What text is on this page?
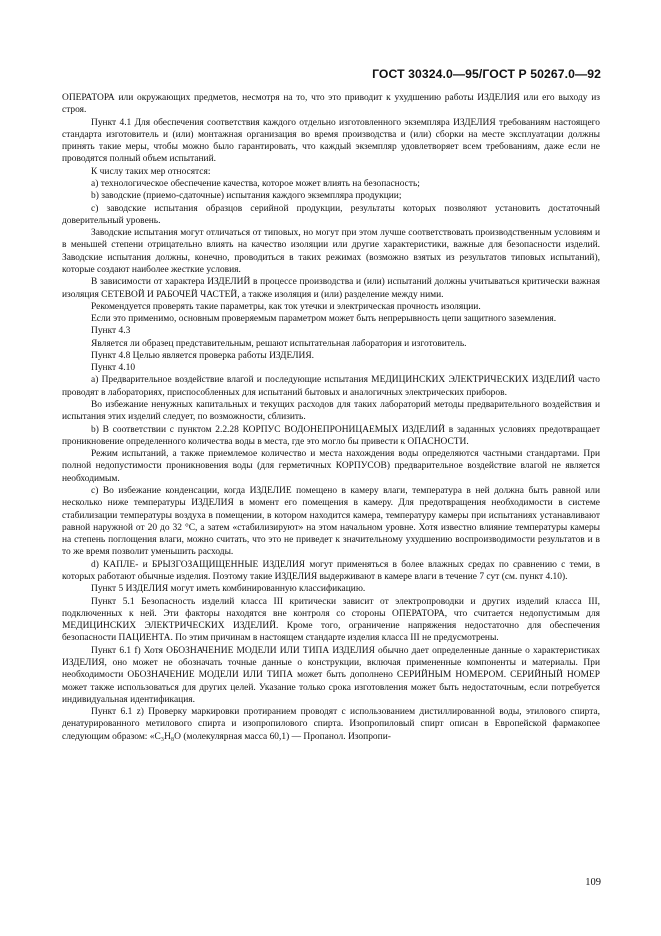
ГОСТ 30324.0—95/ГОСТ Р 50267.0—92

ОПЕРАТОРА или окружающих предметов, несмотря на то, что это приводит к ухудшению работы ИЗДЕЛИЯ или его выходу из строя.

Пункт 4.1 Для обеспечения соответствия каждого отдельно изготовленного экземпляра ИЗДЕЛИЯ требованиям настоящего стандарта изготовитель и (или) монтажная организация во время производства и (или) сборки на месте эксплуатации должны принять такие меры, чтобы можно было гарантировать, что каждый экземпляр удовлетворяет всем требованиям, даже если не проводятся полный объем испытаний.

К числу таких мер относятся:

а) технологическое обеспечение качества, которое может влиять на безопасность;

b) заводские (приемо-сдаточные) испытания каждого экземпляра продукции;

с) заводские испытания образцов серийной продукции, результаты которых позволяют установить достаточный доверительный уровень.

Заводские испытания могут отличаться от типовых, но могут при этом лучше соответствовать производственным условиям и в меньшей степени отрицательно влиять на качество изоляции или другие характеристики, важные для безопасности изделий. Заводские испытания должны, конечно, проводиться в таких режимах (возможно взятых из результатов типовых испытаний), которые создают наиболее жесткие условия.

В зависимости от характера ИЗДЕЛИЙ в процессе производства и (или) испытаний должны учитываться критически важная изоляция СЕТЕВОЙ И РАБОЧЕЙ ЧАСТЕЙ, а также изоляция и (или) разделение между ними.

Рекомендуется проверять такие параметры, как ток утечки и электрическая прочность изоляции.

Если это применимо, основным проверяемым параметром может быть непрерывность цепи защитного заземления.

Пункт 4.3

Является ли образец представительным, решают испытательная лаборатория и изготовитель.

Пункт 4.8 Целью является проверка работы ИЗДЕЛИЯ.

Пункт 4.10

а) Предварительное воздействие влагой и последующие испытания МЕДИЦИНСКИХ ЭЛЕКТРИЧЕСКИХ ИЗДЕЛИЙ часто проводят в лабораториях, приспособленных для испытаний бытовых и аналогичных электрических приборов.

Во избежание ненужных капитальных и текущих расходов для таких лабораторий методы предварительного воздействия и испытания этих изделий следует, по возможности, сблизить.

b) В соответствии с пунктом 2.2.28 КОРПУС ВОДОНЕПРОНИЦАЕМЫХ ИЗДЕЛИЙ в заданных условиях предотвращает проникновение определенного количества воды в места, где это могло бы привести к ОПАСНОСТИ.

Режим испытаний, а также приемлемое количество и места нахождения воды определяются частными стандартами. При полной недопустимости проникновения воды (для герметичных КОРПУСОВ) предварительное воздействие влагой не является необходимым.

с) Во избежание конденсации, когда ИЗДЕЛИЕ помещено в камеру влаги, температура в ней должна быть равной или несколько ниже температуры ИЗДЕЛИЯ в момент его помещения в камеру. Для предотвращения необходимости в системе стабилизации температуры воздуха в помещении, в котором находится камера, температуру камеры при испытаниях устанавливают равной наружной от 20 до 32 °С, а затем «стабилизируют» на этом начальном уровне. Хотя известно влияние температуры камеры на степень поглощения влаги, можно считать, что это не приведет к значительному ухудшению воспроизводимости результатов и в то же время позволит уменьшить расходы.

d) КАПЛЕ- и БРЫЗГОЗАЩИЩЕННЫЕ ИЗДЕЛИЯ могут применяться в более влажных средах по сравнению с теми, в которых работают обычные изделия. Поэтому такие ИЗДЕЛИЯ выдерживают в камере влаги в течение 7 сут (см. пункт 4.10).

Пункт 5 ИЗДЕЛИЯ могут иметь комбинированную классификацию.

Пункт 5.1 Безопасность изделий класса III критически зависит от электропроводки и других изделий класса III, подключенных к ней. Эти факторы находятся вне контроля со стороны ОПЕРАТОРА, что считается недопустимым для МЕДИЦИНСКИХ ЭЛЕКТРИЧЕСКИХ ИЗДЕЛИЙ. Кроме того, ограничение напряжения недостаточно для обеспечения безопасности ПАЦИЕНТА. По этим причинам в настоящем стандарте изделия класса III не предусмотрены.

Пункт 6.1 f) Хотя ОБОЗНАЧЕНИЕ МОДЕЛИ ИЛИ ТИПА ИЗДЕЛИЯ обычно дает определенные данные о характеристиках ИЗДЕЛИЯ, оно может не обозначать точные данные о конструкции, включая примененные компоненты и материалы. При необходимости ОБОЗНАЧЕНИЕ МОДЕЛИ ИЛИ ТИПА может быть дополнено СЕРИЙНЫМ НОМЕРОМ. СЕРИЙНЫЙ НОМЕР может также использоваться для других целей. Указание только срока изготовления может быть недостаточным, если потребуется индивидуальная идентификация.

Пункт 6.1 z) Проверку маркировки протиранием проводят с использованием дистиллированной воды, этилового спирта, денатурированного метилового спирта и изопропилового спирта. Изопропиловый спирт описан в Европейской фармакопее следующим образом: «С₃Н₈О (молекулярная масса 60,1) — Пропанол. Изопропи-

109
